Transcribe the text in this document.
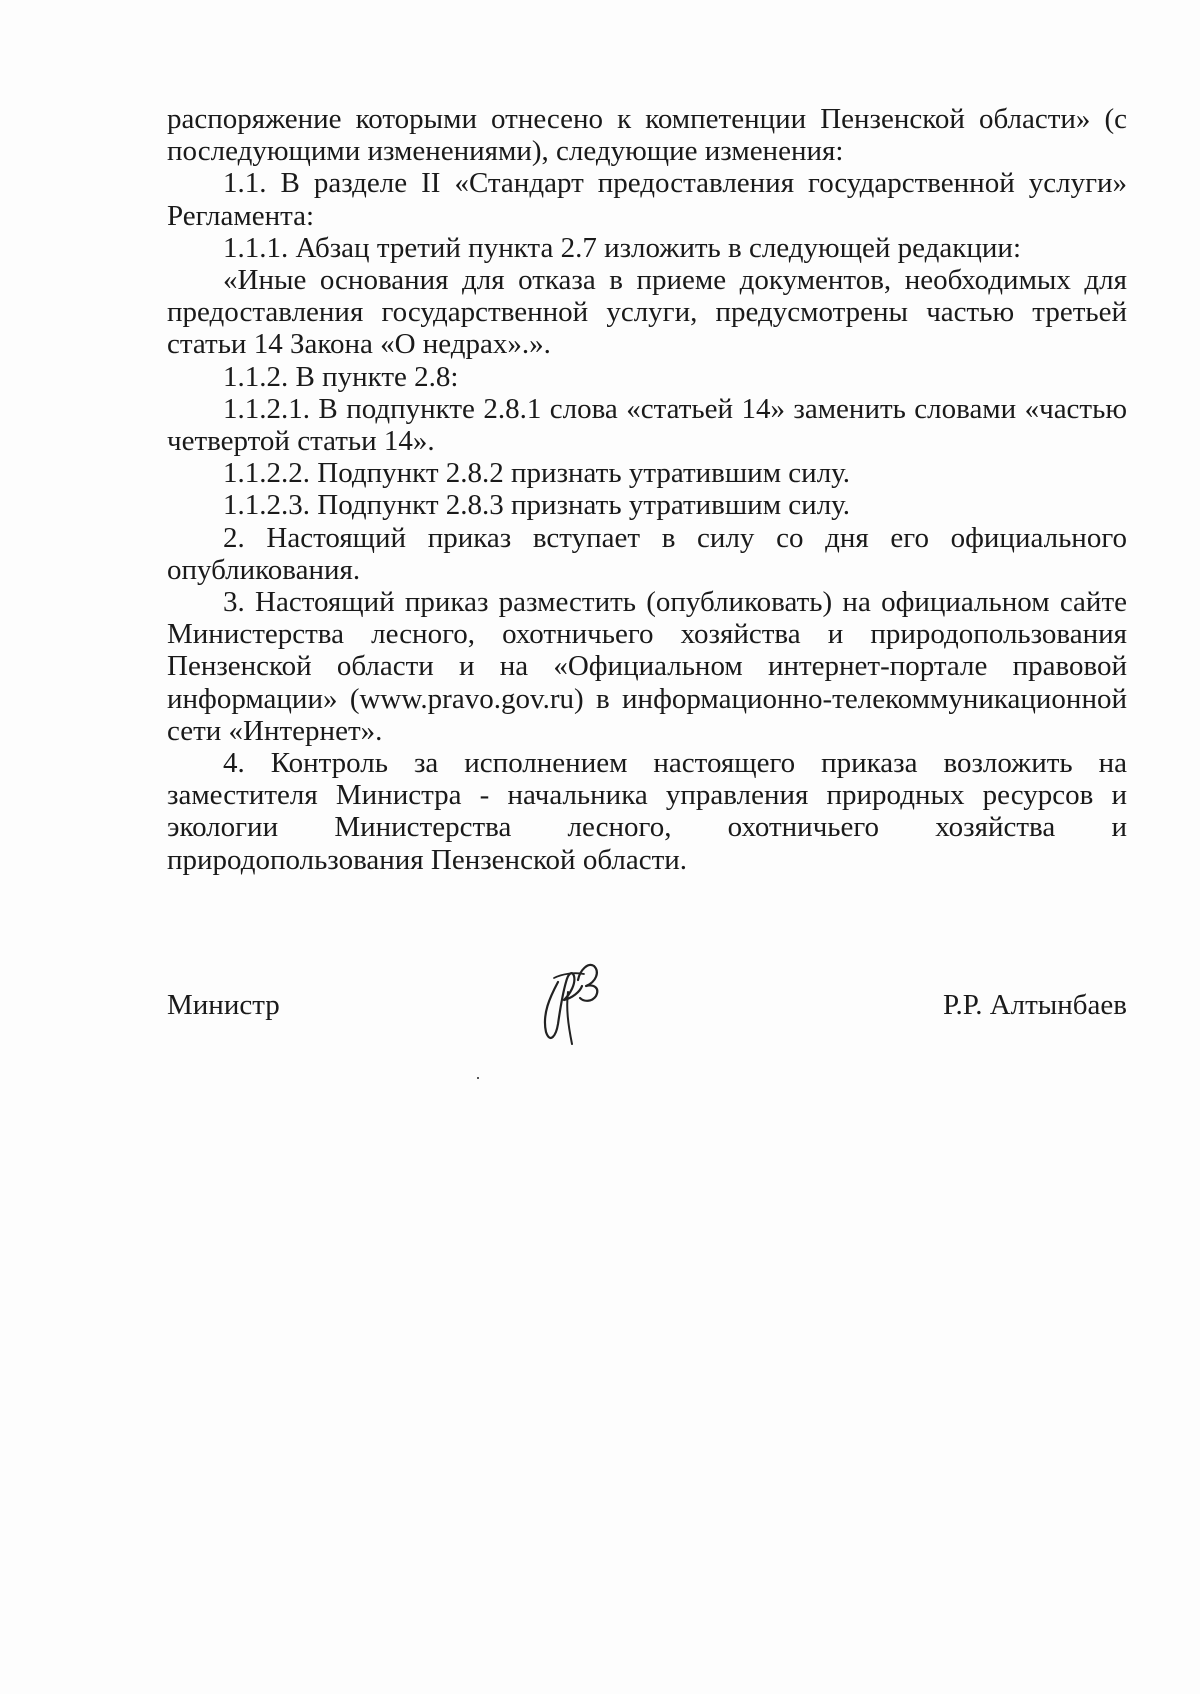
распоряжение которыми отнесено к компетенции Пензенской области» (с последующими изменениями), следующие изменения:

1.1. В разделе II «Стандарт предоставления государственной услуги» Регламента:

1.1.1. Абзац третий пункта 2.7 изложить в следующей редакции:

«Иные основания для отказа в приеме документов, необходимых для предоставления государственной услуги, предусмотрены частью третьей статьи 14 Закона «О недрах».».

1.1.2. В пункте 2.8:

1.1.2.1. В подпункте 2.8.1 слова «статьей 14» заменить словами «частью четвертой статьи 14».

1.1.2.2. Подпункт 2.8.2 признать утратившим силу.

1.1.2.3. Подпункт 2.8.3 признать утратившим силу.

2. Настоящий приказ вступает в силу со дня его официального опубликования.

3. Настоящий приказ разместить (опубликовать) на официальном сайте Министерства лесного, охотничьего хозяйства и природопользования Пензенской области и на «Официальном интернет-портале правовой информации» (www.pravo.gov.ru) в информационно-телекоммуникационной сети «Интернет».

4. Контроль за исполнением настоящего приказа возложить на заместителя Министра - начальника управления природных ресурсов и экологии Министерства лесного, охотничьего хозяйства и природопользования Пензенской области.

Министр	Р.Р. Алтынбаев
